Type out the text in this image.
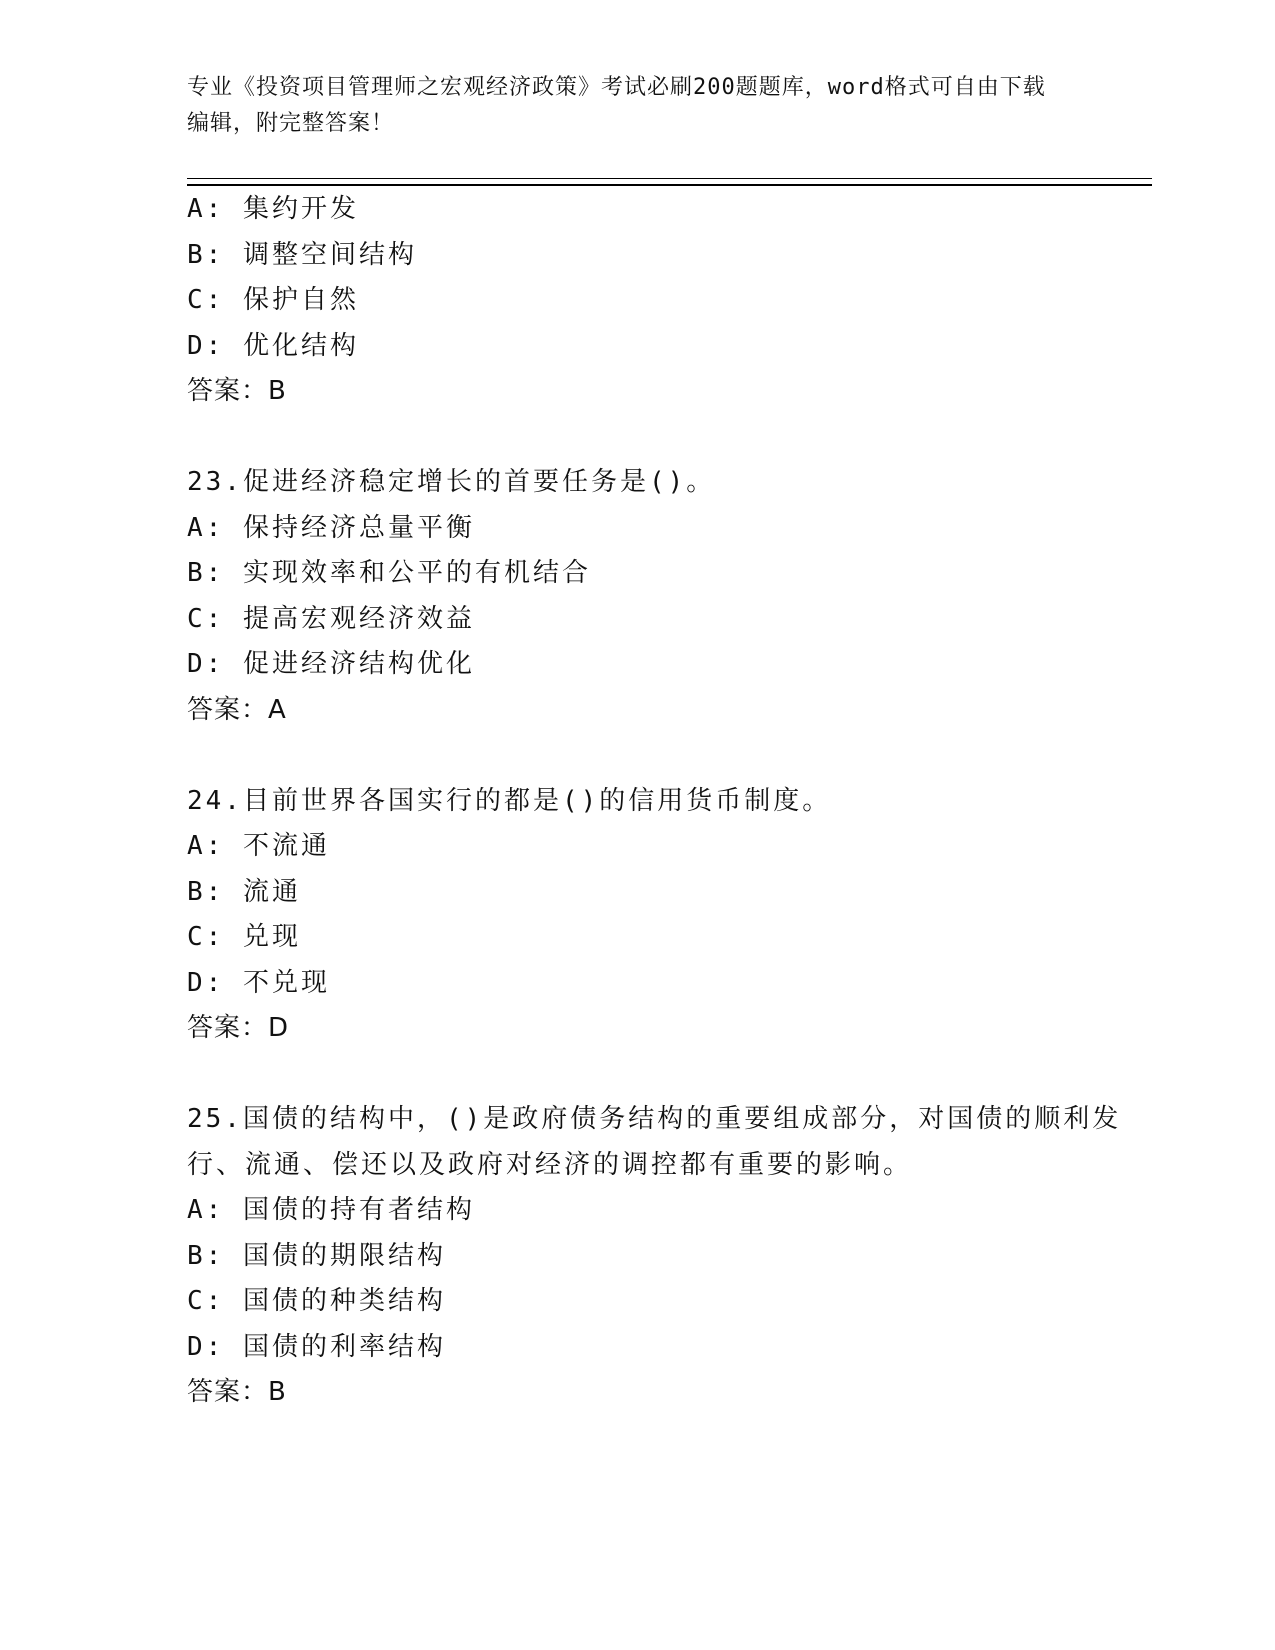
专业《投资项目管理师之宏观经济政策》考试必刷200题题库，word格式可自由下载编辑，附完整答案！
A: 集约开发
B: 调整空间结构
C: 保护自然
D: 优化结构
答案：B
23.促进经济稳定增长的首要任务是()。
A: 保持经济总量平衡
B: 实现效率和公平的有机结合
C: 提高宏观经济效益
D: 促进经济结构优化
答案：A
24.目前世界各国实行的都是()的信用货币制度。
A: 不流通
B: 流通
C: 兑现
D: 不兑现
答案：D
25.国债的结构中，()是政府债务结构的重要组成部分，对国债的顺利发行、流通、偿还以及政府对经济的调控都有重要的影响。
A: 国债的持有者结构
B: 国债的期限结构
C: 国债的种类结构
D: 国债的利率结构
答案：B
